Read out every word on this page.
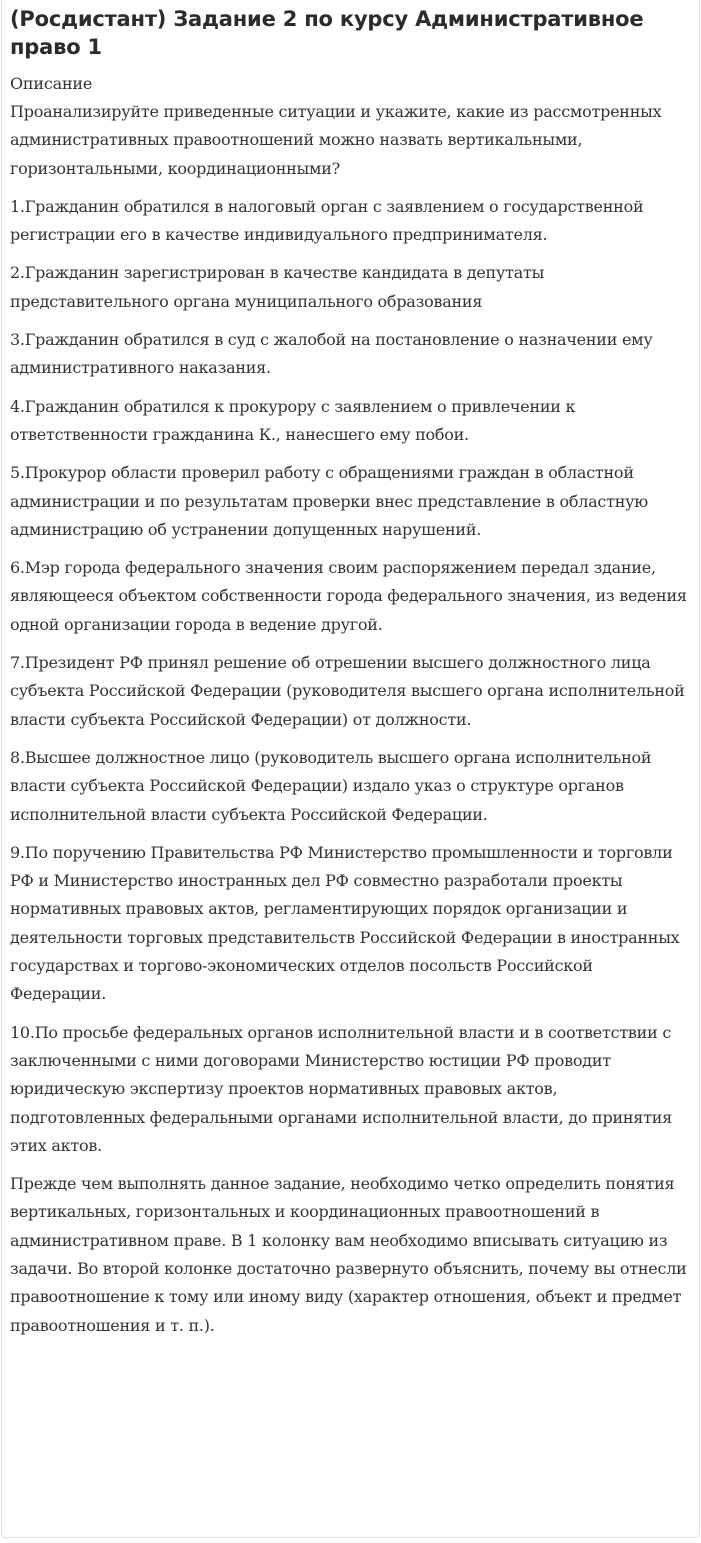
(Росдистант) Задание 2 по курсу Административное право 1
Описание

Проанализируйте приведенные ситуации и укажите, какие из рассмотренных административных правоотношений можно назвать вертикальными, горизонтальными, координационными?

1.Гражданин обратился в налоговый орган с заявлением о государственной регистрации его в качестве индивидуального предпринимателя.

2.Гражданин зарегистрирован в качестве кандидата в депутаты представительного органа муниципального образования

3.Гражданин обратился в суд с жалобой на постановление о назначении ему административного наказания.

4.Гражданин обратился к прокурору с заявлением о привлечении к ответственности гражданина К., нанесшего ему побои.

5.Прокурор области проверил работу с обращениями граждан в областной администрации и по результатам проверки внес представление в областную администрацию об устранении допущенных нарушений.

6.Мэр города федерального значения своим распоряжением передал здание, являющееся объектом собственности города федерального значения, из ведения одной организации города в ведение другой.

7.Президент РФ принял решение об отрешении высшего должностного лица субъекта Российской Федерации (руководителя высшего органа исполнительной власти субъекта Российской Федерации) от должности.

8.Высшее должностное лицо (руководитель высшего органа исполнительной власти субъекта Российской Федерации) издало указ о структуре органов исполнительной власти субъекта Российской Федерации.

9.По поручению Правительства РФ Министерство промышленности и торговли РФ и Министерство иностранных дел РФ совместно разработали проекты нормативных правовых актов, регламентирующих порядок организации и деятельности торговых представительств Российской Федерации в иностранных государствах и торгово-экономических отделов посольств Российской Федерации.

10.По просьбе федеральных органов исполнительной власти и в соответствии с заключенными с ними договорами Министерство юстиции РФ проводит юридическую экспертизу проектов нормативных правовых актов, подготовленных федеральными органами исполнительной власти, до принятия этих актов.

Прежде чем выполнять данное задание, необходимо четко определить понятия вертикальных, горизонтальных и координационных правоотношений в административном праве. В 1 колонку вам необходимо вписывать ситуацию из задачи. Во второй колонке достаточно развернуто объяснить, почему вы отнесли правоотношение к тому или иному виду (характер отношения, объект и предмет правоотношения и т. п.).
